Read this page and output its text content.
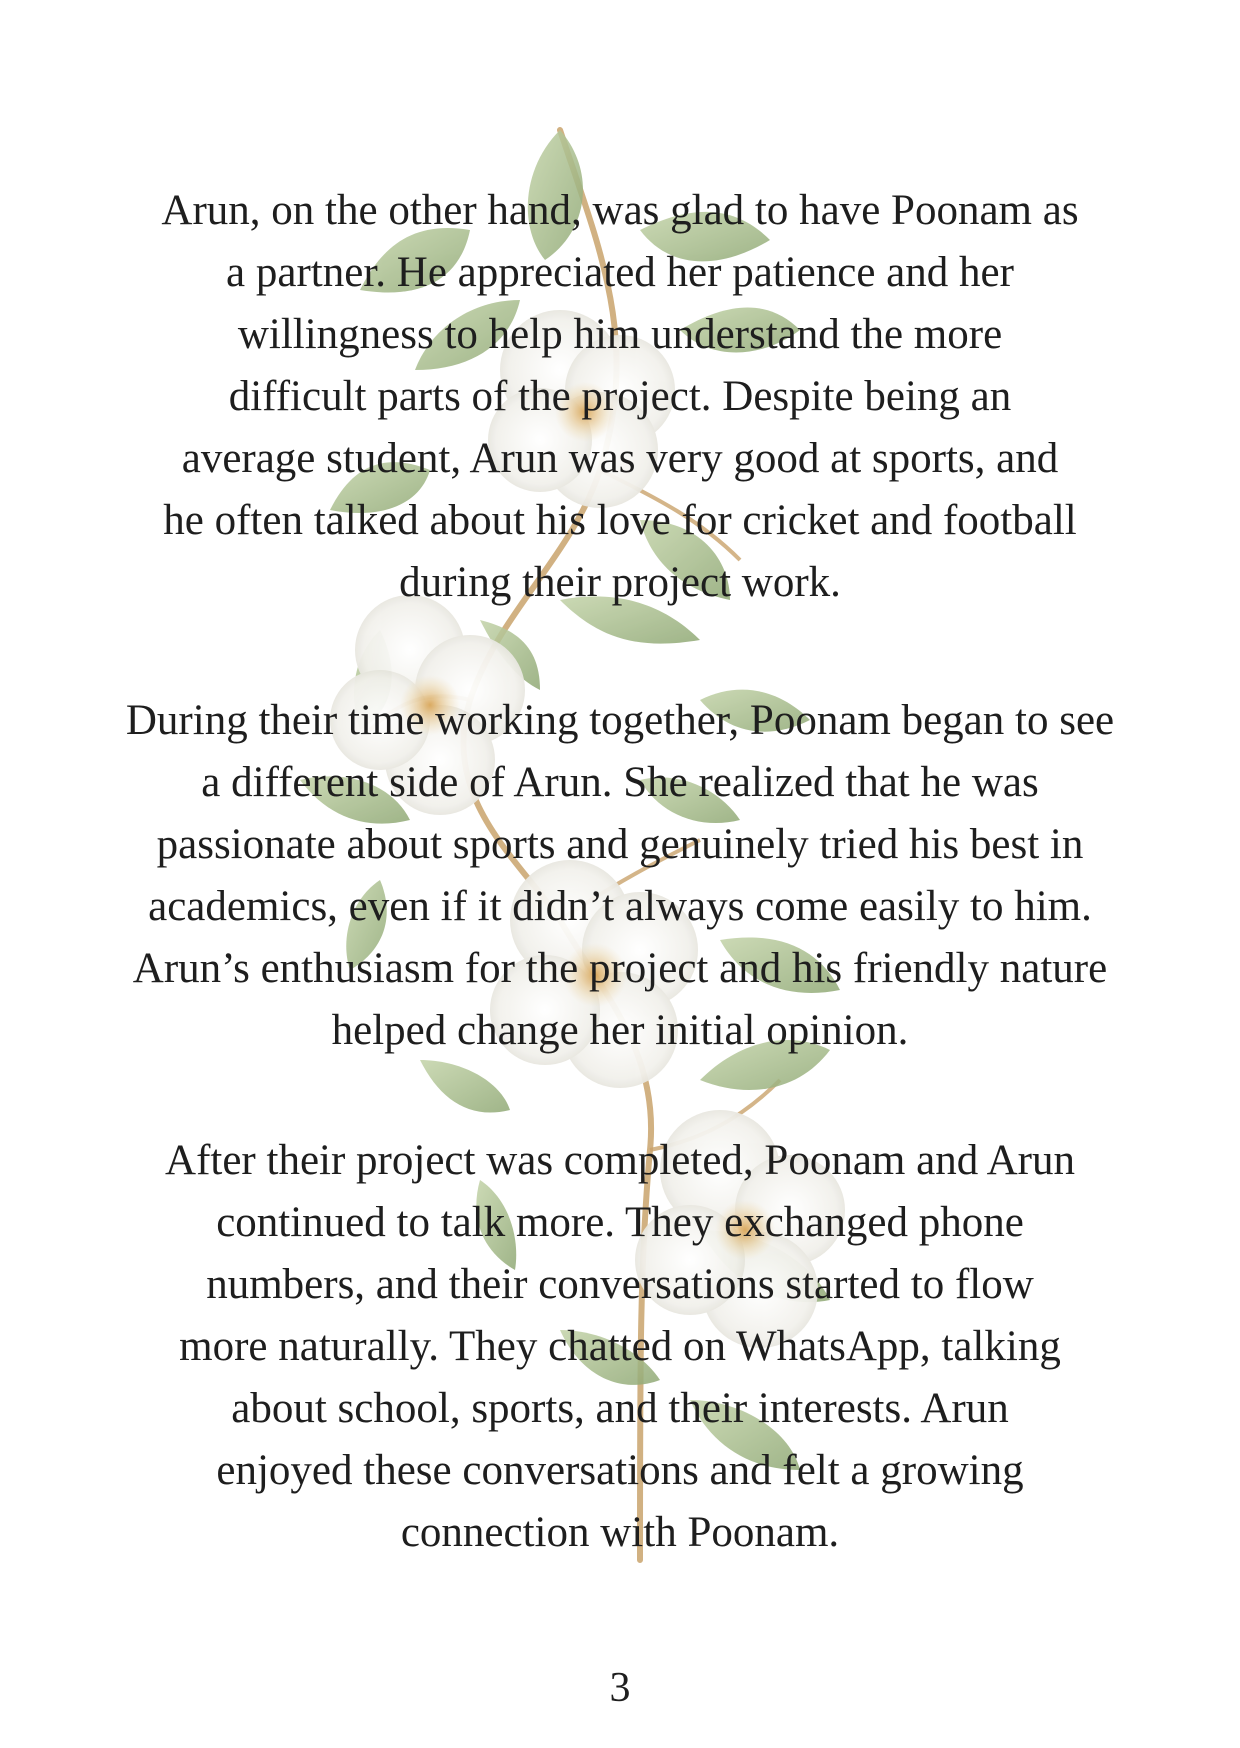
Arun, on the other hand, was glad to have Poonam as
a partner. He appreciated her patience and her
willingness to help him understand the more
difficult parts of the project. Despite being an
average student, Arun was very good at sports, and
he often talked about his love for cricket and football
during their project work.
During their time working together, Poonam began to see
a different side of Arun. She realized that he was
passionate about sports and genuinely tried his best in
academics, even if it didn’t always come easily to him.
Arun’s enthusiasm for the project and his friendly nature
helped change her initial opinion.
After their project was completed, Poonam and Arun
continued to talk more. They exchanged phone
numbers, and their conversations started to flow
more naturally. They chatted on WhatsApp, talking
about school, sports, and their interests. Arun
enjoyed these conversations and felt a growing
connection with Poonam.
3
